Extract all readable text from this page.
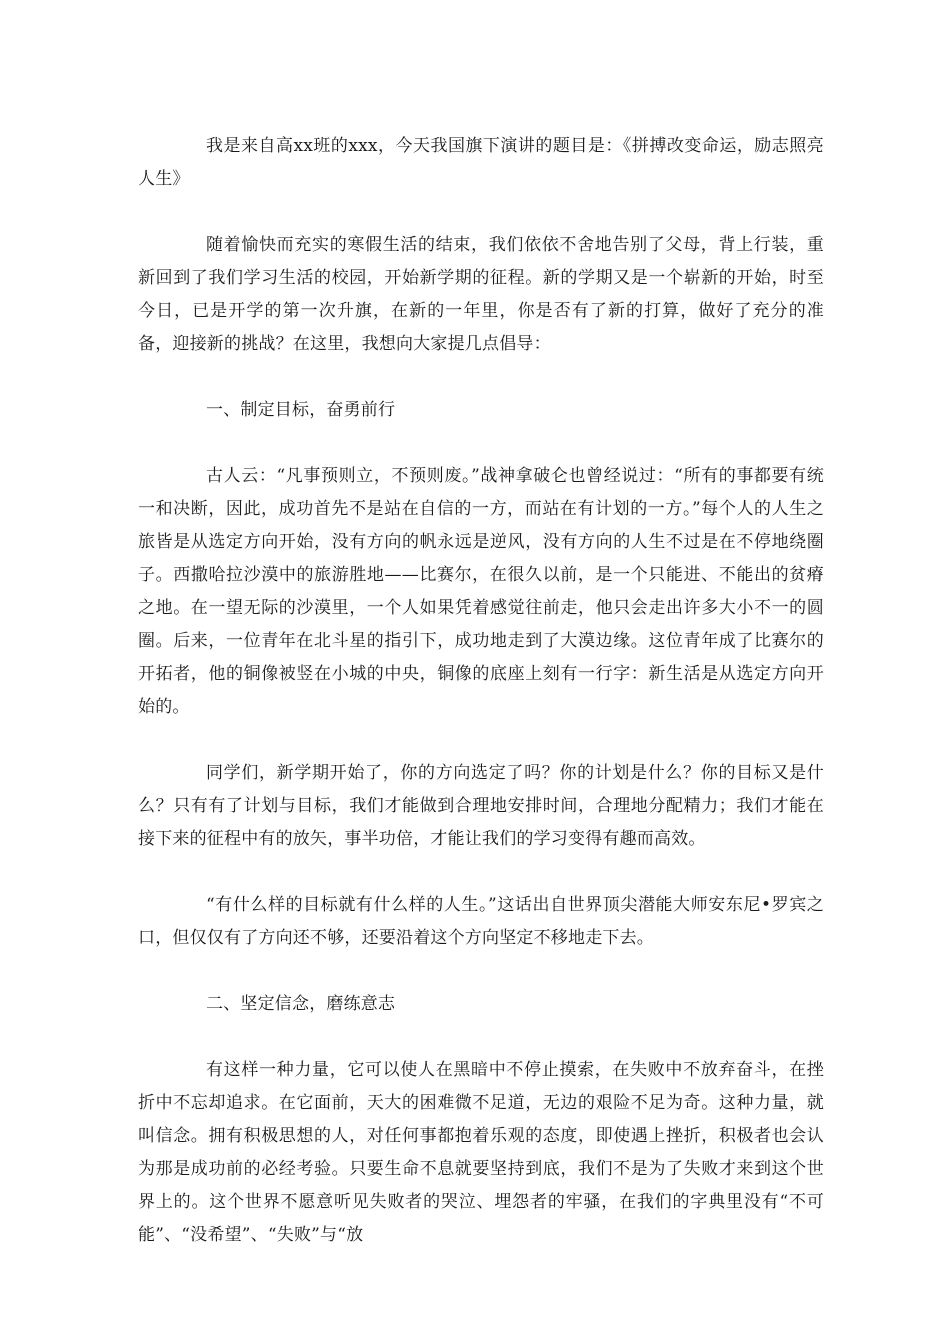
我是来自高xx班的xxx，今天我国旗下演讲的题目是：《拼搏改变命运，励志照亮人生》

随着愉快而充实的寒假生活的结束，我们依依不舍地告别了父母，背上行装，重新回到了我们学习生活的校园，开始新学期的征程。新的学期又是一个崭新的开始，时至今日，已是开学的第一次升旗，在新的一年里，你是否有了新的打算，做好了充分的准备，迎接新的挑战？在这里，我想向大家提几点倡导：

一、制定目标，奋勇前行

古人云：“凡事预则立，不预则废。”战神拿破仑也曾经说过：“所有的事都要有统一和决断，因此，成功首先不是站在自信的一方，而站在有计划的一方。”每个人的人生之旅皆是从选定方向开始，没有方向的帆永远是逆风，没有方向的人生不过是在不停地绕圈子。西撒哈拉沙漠中的旅游胜地——比赛尔，在很久以前，是一个只能进、不能出的贫瘠之地。在一望无际的沙漠里，一个人如果凭着感觉往前走，他只会走出许多大小不一的圆圈。后来，一位青年在北斗星的指引下，成功地走到了大漠边缘。这位青年成了比赛尔的开拓者，他的铜像被竖在小城的中央，铜像的底座上刻有一行字：新生活是从选定方向开始的。

同学们，新学期开始了，你的方向选定了吗？你的计划是什么？你的目标又是什么？只有有了计划与目标，我们才能做到合理地安排时间，合理地分配精力；我们才能在接下来的征程中有的放矢，事半功倍，才能让我们的学习变得有趣而高效。

“有什么样的目标就有什么样的人生。”这话出自世界顶尖潜能大师安东尼•罗宾之口，但仅仅有了方向还不够，还要沿着这个方向坚定不移地走下去。

二、坚定信念，磨练意志

有这样一种力量，它可以使人在黑暗中不停止摸索，在失败中不放弃奋斗，在挫折中不忘却追求。在它面前，天大的困难微不足道，无边的艰险不足为奇。这种力量，就叫信念。拥有积极思想的人，对任何事都抱着乐观的态度，即使遇上挫折，积极者也会认为那是成功前的必经考验。只要生命不息就要坚持到底，我们不是为了失败才来到这个世界上的。这个世界不愿意听见失败者的哭泣、埋怨者的牢骚，在我们的字典里没有“不可能”、“没希望”、“失败”与“放
